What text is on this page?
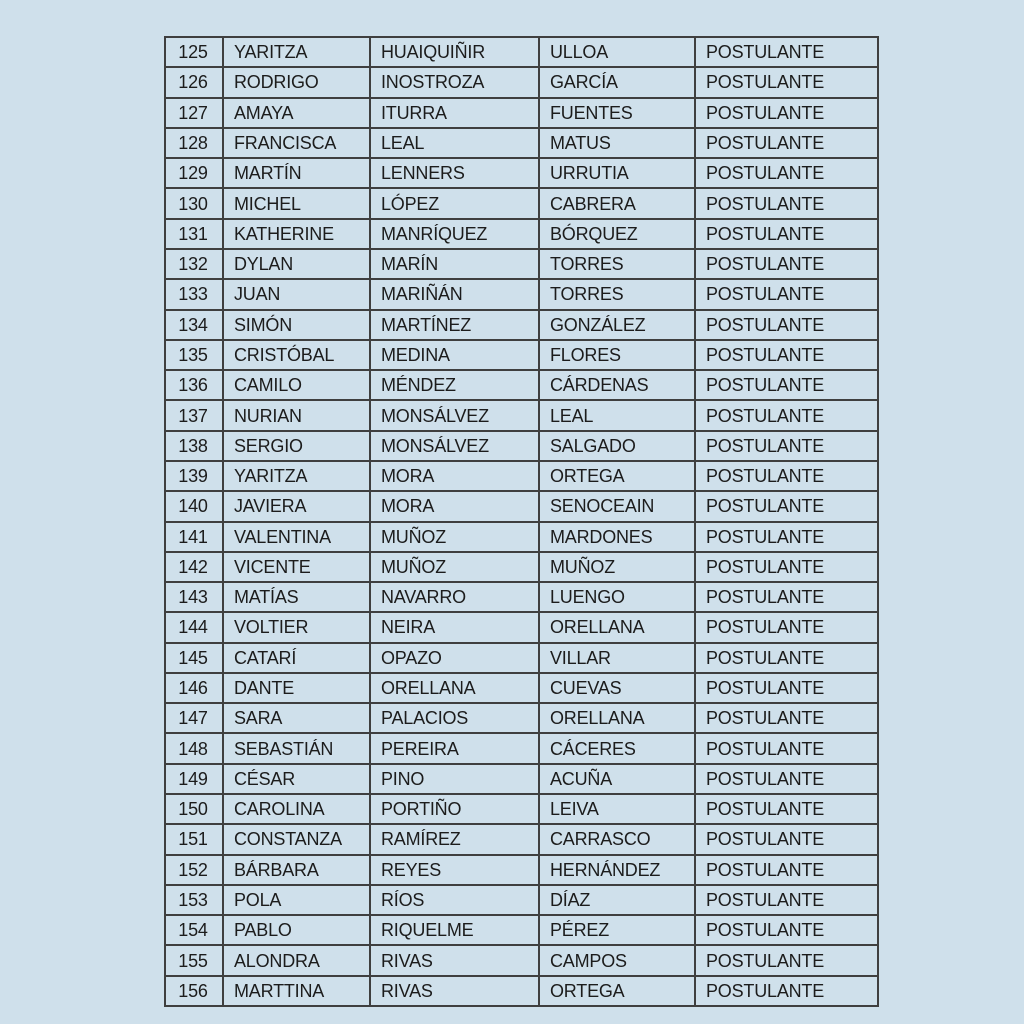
125	YARITZA	HUAIQUIÑIR	ULLOA	POSTULANTE
126	RODRIGO	INOSTROZA	GARCÍA	POSTULANTE
127	AMAYA	ITURRA	FUENTES	POSTULANTE
128	FRANCISCA	LEAL	MATUS	POSTULANTE
129	MARTÍN	LENNERS	URRUTIA	POSTULANTE
130	MICHEL	LÓPEZ	CABRERA	POSTULANTE
131	KATHERINE	MANRÍQUEZ	BÓRQUEZ	POSTULANTE
132	DYLAN	MARÍN	TORRES	POSTULANTE
133	JUAN	MARIÑÁN	TORRES	POSTULANTE
134	SIMÓN	MARTÍNEZ	GONZÁLEZ	POSTULANTE
135	CRISTÓBAL	MEDINA	FLORES	POSTULANTE
136	CAMILO	MÉNDEZ	CÁRDENAS	POSTULANTE
137	NURIAN	MONSÁLVEZ	LEAL	POSTULANTE
138	SERGIO	MONSÁLVEZ	SALGADO	POSTULANTE
139	YARITZA	MORA	ORTEGA	POSTULANTE
140	JAVIERA	MORA	SENOCEAIN	POSTULANTE
141	VALENTINA	MUÑOZ	MARDONES	POSTULANTE
142	VICENTE	MUÑOZ	MUÑOZ	POSTULANTE
143	MATÍAS	NAVARRO	LUENGO	POSTULANTE
144	VOLTIER	NEIRA	ORELLANA	POSTULANTE
145	CATARÍ	OPAZO	VILLAR	POSTULANTE
146	DANTE	ORELLANA	CUEVAS	POSTULANTE
147	SARA	PALACIOS	ORELLANA	POSTULANTE
148	SEBASTIÁN	PEREIRA	CÁCERES	POSTULANTE
149	CÉSAR	PINO	ACUÑA	POSTULANTE
150	CAROLINA	PORTIÑO	LEIVA	POSTULANTE
151	CONSTANZA	RAMÍREZ	CARRASCO	POSTULANTE
152	BÁRBARA	REYES	HERNÁNDEZ	POSTULANTE
153	POLA	RÍOS	DÍAZ	POSTULANTE
154	PABLO	RIQUELME	PÉREZ	POSTULANTE
155	ALONDRA	RIVAS	CAMPOS	POSTULANTE
156	MARTTINA	RIVAS	ORTEGA	POSTULANTE
